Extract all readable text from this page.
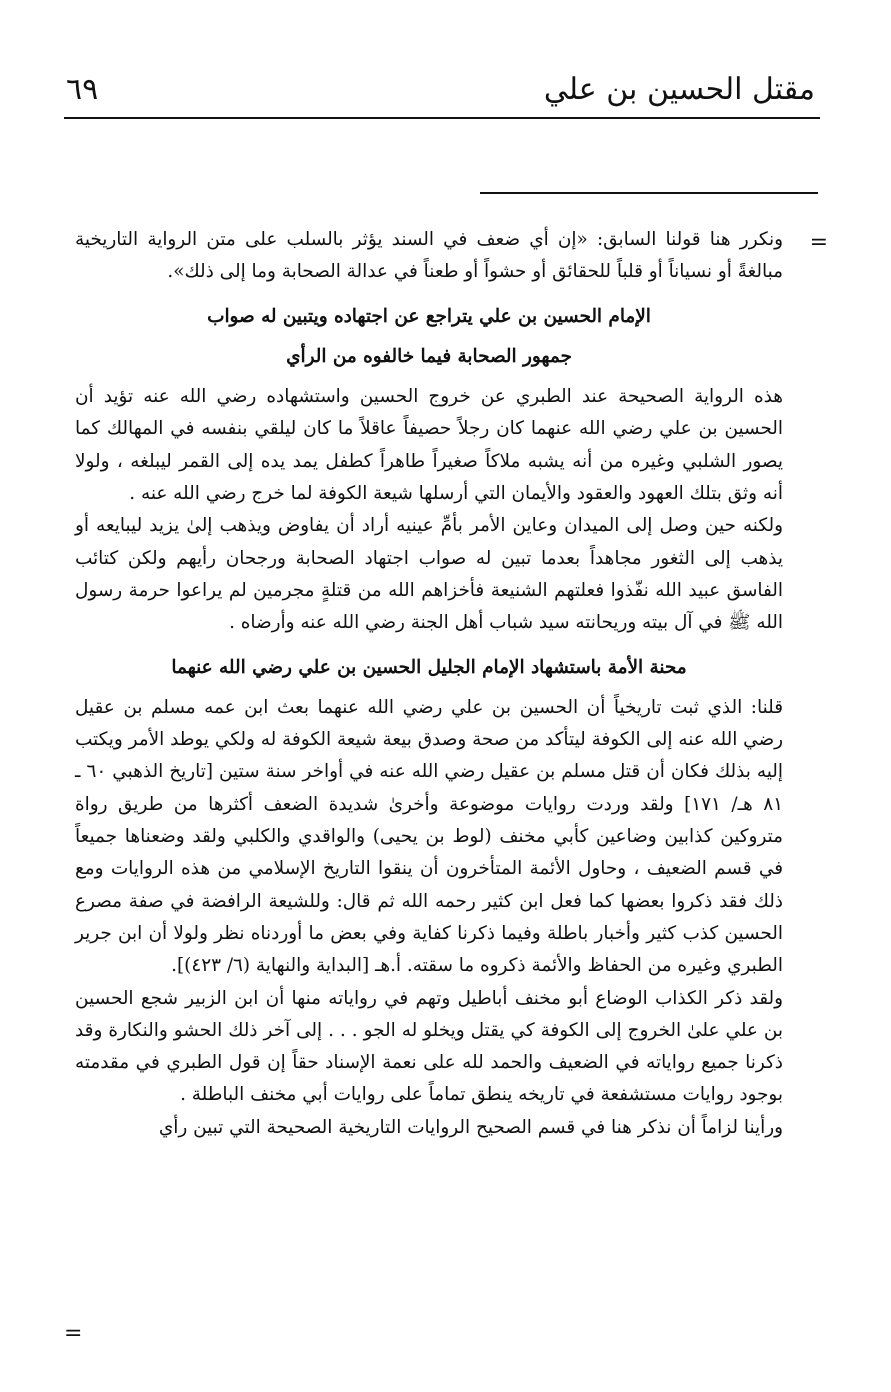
مقتل الحسين بن علي
٦٩
=

ونكرر هنا قولنا السابق: «إن أي ضعف في السند يؤثر بالسلب على متن الرواية التاريخية مبالغةً أو نسياناً أو قلباً للحقائق أو حشواً أو طعناً في عدالة الصحابة وما إلى ذلك».

الإمام الحسين بن علي يتراجع عن اجتهاده ويتبين له صواب

جمهور الصحابة فيما خالفوه من الرأي

هذه الرواية الصحيحة عند الطبري عن خروج الحسين واستشهاده رضي الله عنه تؤيد أن الحسين بن علي رضي الله عنهما كان رجلاً حصيفاً عاقلاً ما كان ليلقي بنفسه في المهالك كما يصور الشلبي وغيره من أنه يشبه ملاكاً صغيراً طاهراً كطفل يمد يده إلى القمر ليبلغه ، ولولا أنه وثق بتلك العهود والعقود والأيمان التي أرسلها شيعة الكوفة لما خرج رضي الله عنه .

ولكنه حين وصل إلى الميدان وعاين الأمر بأمِّ عينيه أراد أن يفاوض ويذهب إلىٰ يزيد ليبايعه أو يذهب إلى الثغور مجاهداً بعدما تبين له صواب اجتهاد الصحابة ورجحان رأيهم ولكن كتائب الفاسق عبيد الله نفّذوا فعلتهم الشنيعة فأخزاهم الله من قتلةٍ مجرمين لم يراعوا حرمة رسول الله ﷺ في آل بيته وريحانته سيد شباب أهل الجنة رضي الله عنه وأرضاه .

محنة الأمة باستشهاد الإمام الجليل الحسين بن علي رضي الله عنهما

قلنا: الذي ثبت تاريخياً أن الحسين بن علي رضي الله عنهما بعث ابن عمه مسلم بن عقيل رضي الله عنه إلى الكوفة ليتأكد من صحة وصدق بيعة شيعة الكوفة له ولكي يوطد الأمر ويكتب إليه بذلك فكان أن قتل مسلم بن عقيل رضي الله عنه في أواخر سنة ستين [تاريخ الذهبي ٦٠ ـ ٨١ هـ/ ١٧١] ولقد وردت روايات موضوعة وأخرىٰ شديدة الضعف أكثرها من طريق رواة متروكين كذابين وضاعين كأبي مخنف (لوط بن يحيى) والواقدي والكلبي ولقد وضعناها جميعاً في قسم الضعيف ، وحاول الأئمة المتأخرون أن ينقوا التاريخ الإسلامي من هذه الروايات ومع ذلك فقد ذكروا بعضها كما فعل ابن كثير رحمه الله ثم قال: وللشيعة الرافضة في صفة مصرع الحسين كذب كثير وأخبار باطلة وفيما ذكرنا كفاية وفي بعض ما أوردناه نظر ولولا أن ابن جرير الطبري وغيره من الحفاظ والأئمة ذكروه ما سقته. أ.هـ [البداية والنهاية (٦/ ٤٢٣)].

ولقد ذكر الكذاب الوضاع أبو مخنف أباطيل وتهم في رواياته منها أن ابن الزبير شجع الحسين بن علي علىٰ الخروج إلى الكوفة كي يقتل ويخلو له الجو . . . إلى آخر ذلك الحشو والنكارة وقد ذكرنا جميع رواياته في الضعيف والحمد لله على نعمة الإسناد حقاً إن قول الطبري في مقدمته بوجود روايات مستشفعة في تاريخه ينطق تماماً على روايات أبي مخنف الباطلة .

ورأينا لزاماً أن نذكر هنا في قسم الصحيح الروايات التاريخية الصحيحة التي تبين رأي

=
